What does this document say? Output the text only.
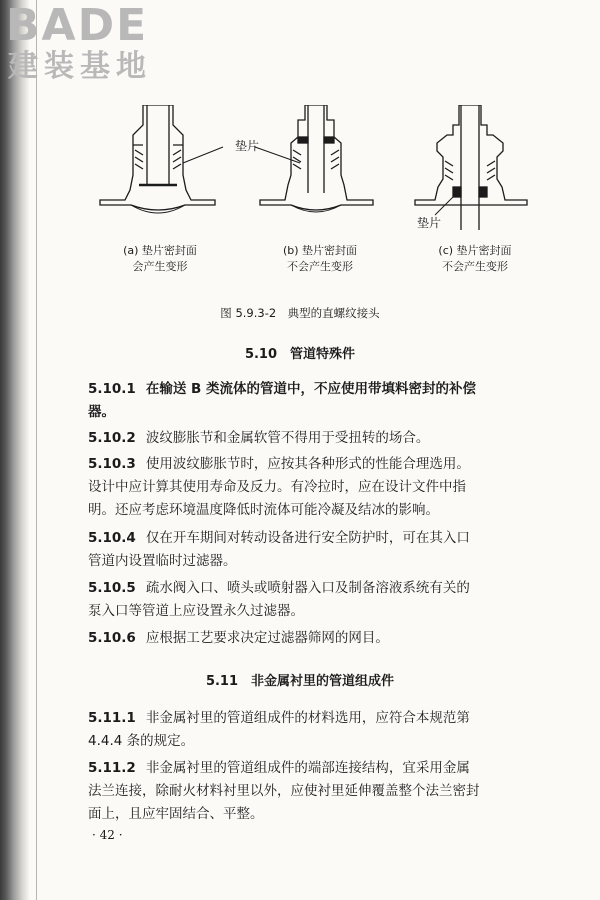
BADE
建装基地
垫片
垫片
(a) 垫片密封面
会产生变形
(b) 垫片密封面
不会产生变形
(c) 垫片密封面
不会产生变形
图 5.9.3-2　典型的直螺纹接头
5.10　管道特殊件
5.10.1 在输送 B 类流体的管道中，不应使用带填料密封的补偿
器。
5.10.2 波纹膨胀节和金属软管不得用于受扭转的场合。
5.10.3 使用波纹膨胀节时，应按其各种形式的性能合理选用。
设计中应计算其使用寿命及反力。有冷拉时，应在设计文件中指
明。还应考虑环境温度降低时流体可能冷凝及结冰的影响。
5.10.4 仅在开车期间对转动设备进行安全防护时，可在其入口
管道内设置临时过滤器。
5.10.5 疏水阀入口、喷头或喷射器入口及制备溶液系统有关的
泵入口等管道上应设置永久过滤器。
5.10.6 应根据工艺要求决定过滤器筛网的网目。
5.11　非金属衬里的管道组成件
5.11.1 非金属衬里的管道组成件的材料选用，应符合本规范第
4.4.4 条的规定。
5.11.2 非金属衬里的管道组成件的端部连接结构，宜采用金属
法兰连接，除耐火材料衬里以外，应使衬里延伸覆盖整个法兰密封
面上，且应牢固结合、平整。
· 42 ·
